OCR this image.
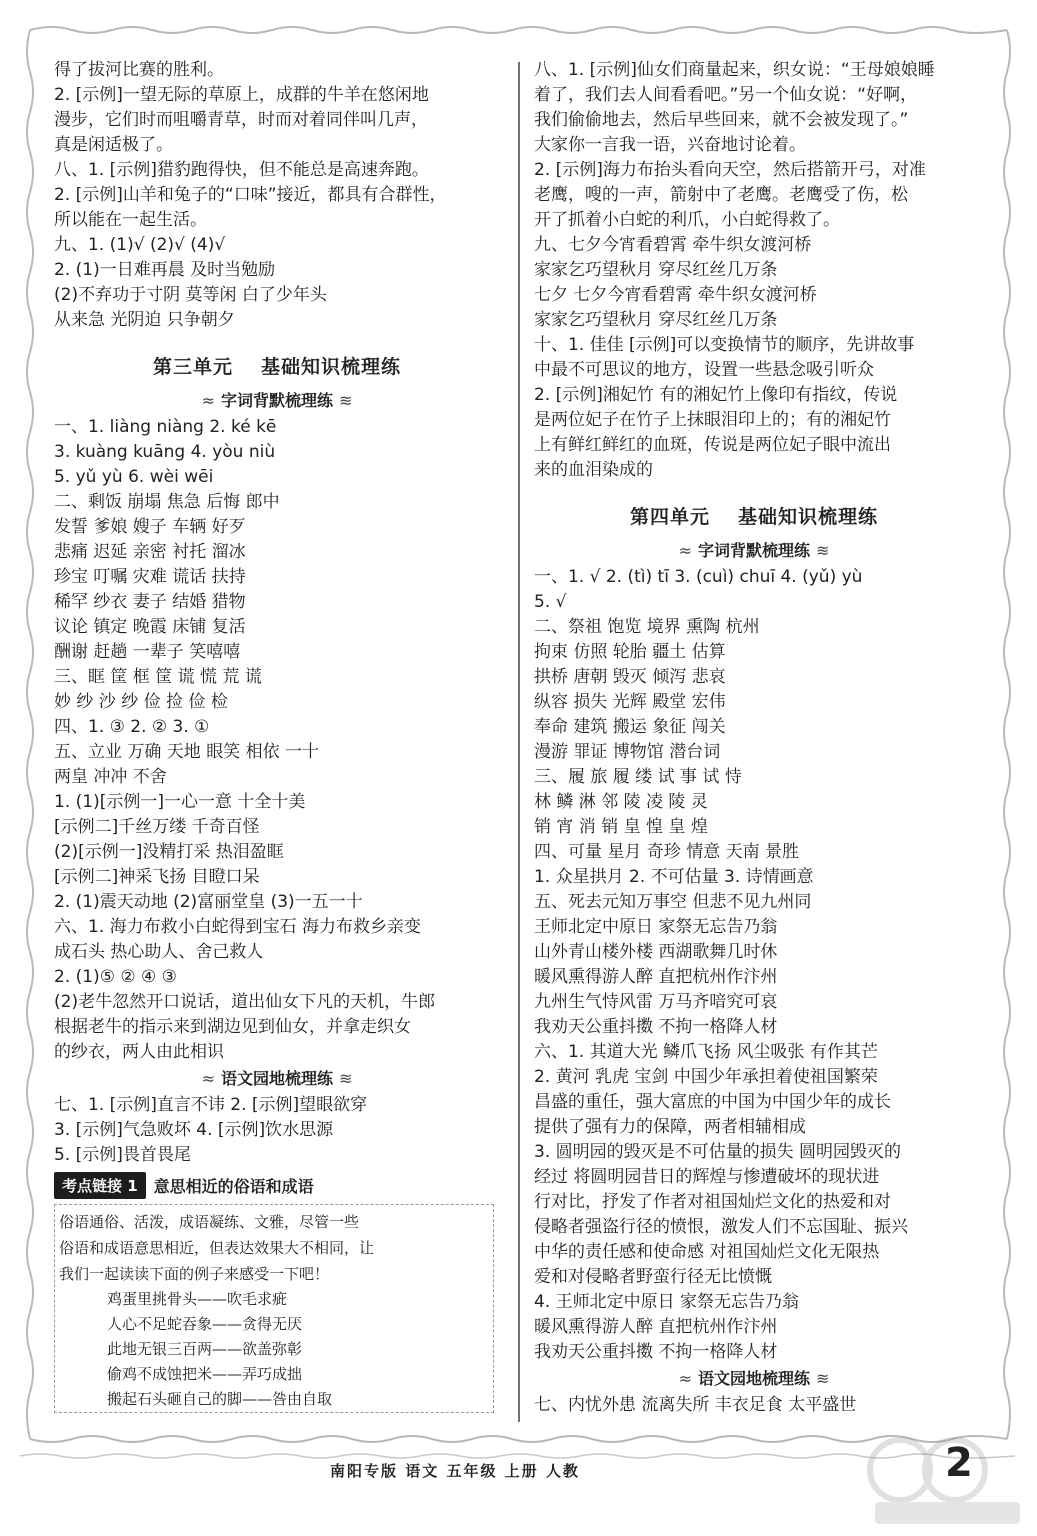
得了拔河比赛的胜利。
2. [示例]一望无际的草原上，成群的牛羊在悠闲地
漫步，它们时而咀嚼青草，时而对着同伴叫几声，
真是闲适极了。
八、1. [示例]猎豹跑得快，但不能总是高速奔跑。
2. [示例]山羊和兔子的“口味”接近，都具有合群性，
所以能在一起生活。
九、1. (1)√ (2)√ (4)√
2. (1)一日难再晨 及时当勉励
(2)不弃功于寸阴 莫等闲 白了少年头
从来急 光阴迫 只争朝夕
第三单元 基础知识梳理练
≈ 字词背默梳理练 ≋
一、1. liàng niàng 2. ké kē
3. kuàng kuāng 4. yòu niù
5. yǔ yù 6. wèi wēi
二、剩饭 崩塌 焦急 后悔 郎中
发誓 爹娘 嫂子 车辆 好歹
悲痛 迟延 亲密 衬托 溜冰
珍宝 叮嘱 灾难 谎话 扶持
稀罕 纱衣 妻子 结婚 猎物
议论 镇定 晚霞 床铺 复活
酬谢 赶趟 一辈子 笑嘻嘻
三、眶 筐 框 筐 谎 慌 荒 谎
妙 纱 沙 纱 俭 捡 俭 检
四、1. ③ 2. ② 3. ①
五、立业 万确 天地 眼笑 相依 一十
两皇 冲冲 不舍
1. (1)[示例一]一心一意 十全十美
[示例二]千丝万缕 千奇百怪
(2)[示例一]没精打采 热泪盈眶
[示例二]神采飞扬 目瞪口呆
2. (1)震天动地 (2)富丽堂皇 (3)一五一十
六、1. 海力布救小白蛇得到宝石 海力布救乡亲变
成石头 热心助人、舍己救人
2. (1)⑤ ② ④ ③
(2)老牛忽然开口说话，道出仙女下凡的天机，牛郎
根据老牛的指示来到湖边见到仙女，并拿走织女
的纱衣，两人由此相识
≈ 语文园地梳理练 ≋
七、1. [示例]直言不讳 2. [示例]望眼欲穿
3. [示例]气急败坏 4. [示例]饮水思源
5. [示例]畏首畏尾
考点链接 1	意思相近的俗语和成语
俗语通俗、活泼，成语凝练、文雅，尽管一些
俗语和成语意思相近，但表达效果大不相同，让
我们一起读读下面的例子来感受一下吧！
鸡蛋里挑骨头——吹毛求疵
人心不足蛇吞象——贪得无厌
此地无银三百两——欲盖弥彰
偷鸡不成蚀把米——弄巧成拙
搬起石头砸自己的脚——咎由自取
八、1. [示例]仙女们商量起来，织女说：“王母娘娘睡
着了，我们去人间看看吧。”另一个仙女说：“好啊，
我们偷偷地去，然后早些回来，就不会被发现了。”
大家你一言我一语，兴奋地讨论着。
2. [示例]海力布抬头看向天空，然后搭箭开弓，对准
老鹰，嗖的一声，箭射中了老鹰。老鹰受了伤，松
开了抓着小白蛇的利爪，小白蛇得救了。
九、七夕今宵看碧霄 牵牛织女渡河桥
家家乞巧望秋月 穿尽红丝几万条
七夕 七夕今宵看碧霄 牵牛织女渡河桥
家家乞巧望秋月 穿尽红丝几万条
十、1. 佳佳 [示例]可以变换情节的顺序，先讲故事
中最不可思议的地方，设置一些悬念吸引听众
2. [示例]湘妃竹 有的湘妃竹上像印有指纹，传说
是两位妃子在竹子上抹眼泪印上的；有的湘妃竹
上有鲜红鲜红的血斑，传说是两位妃子眼中流出
来的血泪染成的
第四单元 基础知识梳理练
≈ 字词背默梳理练 ≋
一、1. √ 2. (tì) tī 3. (cuì) chuī 4. (yǔ) yù
5. √
二、祭祖 饱览 境界 熏陶 杭州
拘束 仿照 轮胎 疆土 估算
拱桥 唐朝 毁灭 倾泻 悲哀
纵容 损失 光辉 殿堂 宏伟
奉命 建筑 搬运 象征 闯关
漫游 罪证 博物馆 潜台词
三、履 旅 履 缕 试 事 试 恃
林 鳞 淋 邻 陵 凌 陵 灵
销 宵 消 销 皇 惶 皇 煌
四、可量 星月 奇珍 情意 天南 景胜
1. 众星拱月 2. 不可估量 3. 诗情画意
五、死去元知万事空 但悲不见九州同
王师北定中原日 家祭无忘告乃翁
山外青山楼外楼 西湖歌舞几时休
暖风熏得游人醉 直把杭州作汴州
九州生气恃风雷 万马齐喑究可哀
我劝天公重抖擞 不拘一格降人材
六、1. 其道大光 鳞爪飞扬 风尘吸张 有作其芒
2. 黄河 乳虎 宝剑 中国少年承担着使祖国繁荣
昌盛的重任，强大富庶的中国为中国少年的成长
提供了强有力的保障，两者相辅相成
3. 圆明园的毁灭是不可估量的损失 圆明园毁灭的
经过 将圆明园昔日的辉煌与惨遭破坏的现状进
行对比，抒发了作者对祖国灿烂文化的热爱和对
侵略者强盗行径的愤恨，激发人们不忘国耻、振兴
中华的责任感和使命感 对祖国灿烂文化无限热
爱和对侵略者野蛮行径无比愤慨
4. 王师北定中原日 家祭无忘告乃翁
暖风熏得游人醉 直把杭州作汴州
我劝天公重抖擞 不拘一格降人材
≈ 语文园地梳理练 ≋
七、内忧外患 流离失所 丰衣足食 太平盛世
南阳专版 语文 五年级 上册 人教	2
